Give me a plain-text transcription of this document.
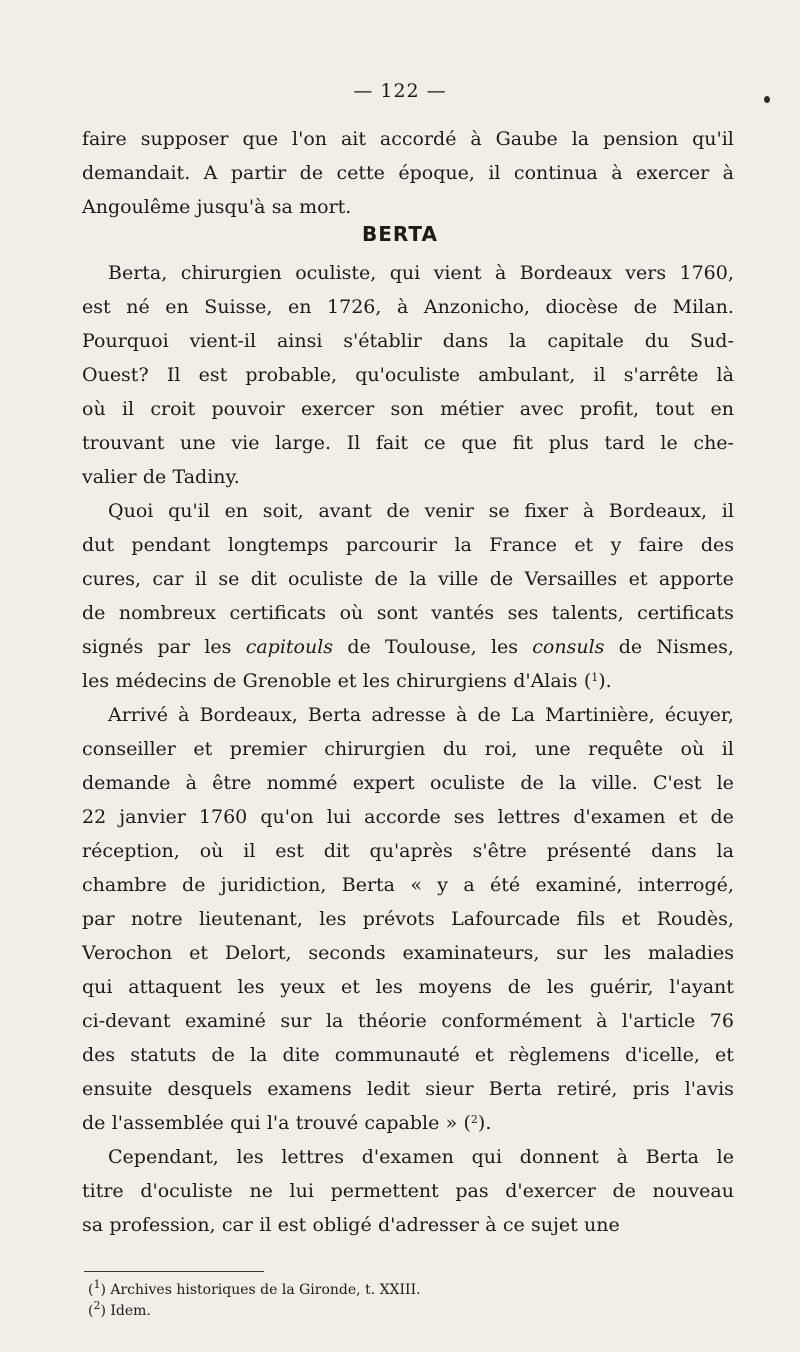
— 122 —
faire supposer que l'on ait accordé à Gaube la pension qu'il
demandait. A partir de cette époque, il continua à exercer à
Angoulême jusqu'à sa mort.
BERTA
Berta, chirurgien oculiste, qui vient à Bordeaux vers 1760,
est né en Suisse, en 1726, à Anzonicho, diocèse de Milan.
Pourquoi vient-il ainsi s'établir dans la capitale du Sud-
Ouest? Il est probable, qu'oculiste ambulant, il s'arrête là
où il croit pouvoir exercer son métier avec profit, tout en
trouvant une vie large. Il fait ce que fit plus tard le che-
valier de Tadiny.
Quoi qu'il en soit, avant de venir se fixer à Bordeaux, il
dut pendant longtemps parcourir la France et y faire des
cures, car il se dit oculiste de la ville de Versailles et apporte
de nombreux certificats où sont vantés ses talents, certificats
signés par les capitouls de Toulouse, les consuls de Nismes,
les médecins de Grenoble et les chirurgiens d'Alais ($^1$).
Arrivé à Bordeaux, Berta adresse à de La Martinière, écuyer,
conseiller et premier chirurgien du roi, une requête où il
demande à être nommé expert oculiste de la ville. C'est le
22 janvier 1760 qu'on lui accorde ses lettres d'examen et de
réception, où il est dit qu'après s'être présenté dans la
chambre de juridiction, Berta « y a été examiné, interrogé,
par notre lieutenant, les prévots Lafourcade fils et Roudès,
Verochon et Delort, seconds examinateurs, sur les maladies
qui attaquent les yeux et les moyens de les guérir, l'ayant
ci-devant examiné sur la théorie conformément à l'article 76
des statuts de la dite communauté et règlemens d'icelle, et
ensuite desquels examens ledit sieur Berta retiré, pris l'avis
de l'assemblée qui l'a trouvé capable » ($^2$).
Cependant, les lettres d'examen qui donnent à Berta le
titre d'oculiste ne lui permettent pas d'exercer de nouveau
sa profession, car il est obligé d'adresser à ce sujet une
($^1$) Archives historiques de la Gironde, t. XXIII.
($^2$) Idem.
